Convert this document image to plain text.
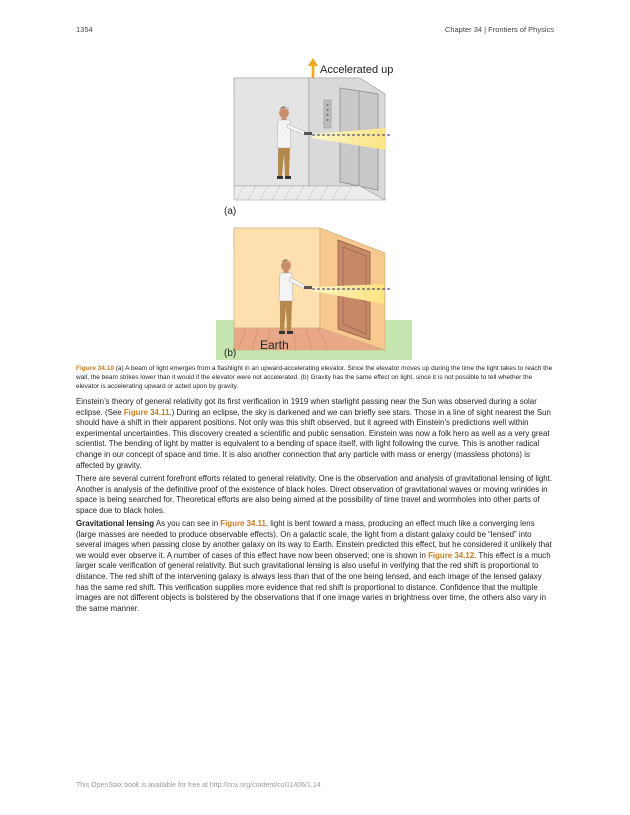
1354	Chapter 34 | Frontiers of Physics
Accelerated up
(a)
(b)
Earth
Figure 34.10 (a) A beam of light emerges from a flashlight in an upward-accelerating elevator. Since the elevator moves up during the time the light takes to reach the wall, the beam strikes lower than it would if the elevator were not accelerated. (b) Gravity has the same effect on light, since it is not possible to tell whether the elevator is accelerating upward or acted upon by gravity.

Einstein’s theory of general relativity got its first verification in 1919 when starlight passing near the Sun was observed during a solar eclipse. (See Figure 34.11.) During an eclipse, the sky is darkened and we can briefly see stars. Those in a line of sight nearest the Sun should have a shift in their apparent positions. Not only was this shift observed, but it agreed with Einstein’s predictions well within experimental uncertainties. This discovery created a scientific and public sensation. Einstein was now a folk hero as well as a very great scientist. The bending of light by matter is equivalent to a bending of space itself, with light following the curve. This is another radical change in our concept of space and time. It is also another connection that any particle with mass or energy (massless photons) is affected by gravity.

There are several current forefront efforts related to general relativity. One is the observation and analysis of gravitational lensing of light. Another is analysis of the definitive proof of the existence of black holes. Direct observation of gravitational waves or moving wrinkles in space is being searched for. Theoretical efforts are also being aimed at the possibility of time travel and wormholes into other parts of space due to black holes.

Gravitational lensing As you can see in Figure 34.11, light is bent toward a mass, producing an effect much like a converging lens (large masses are needed to produce observable effects). On a galactic scale, the light from a distant galaxy could be “lensed” into several images when passing close by another galaxy on its way to Earth. Einstein predicted this effect, but he considered it unlikely that we would ever observe it. A number of cases of this effect have now been observed; one is shown in Figure 34.12. This effect is a much larger scale verification of general relativity. But such gravitational lensing is also useful in verifying that the red shift is proportional to distance. The red shift of the intervening galaxy is always less than that of the one being lensed, and each image of the lensed galaxy has the same red shift. This verification supplies more evidence that red shift is proportional to distance. Confidence that the multiple images are not different objects is bolstered by the observations that if one image varies in brightness over time, the others also vary in the same manner.

This OpenStax book is available for free at http://cnx.org/content/col11406/1.14
